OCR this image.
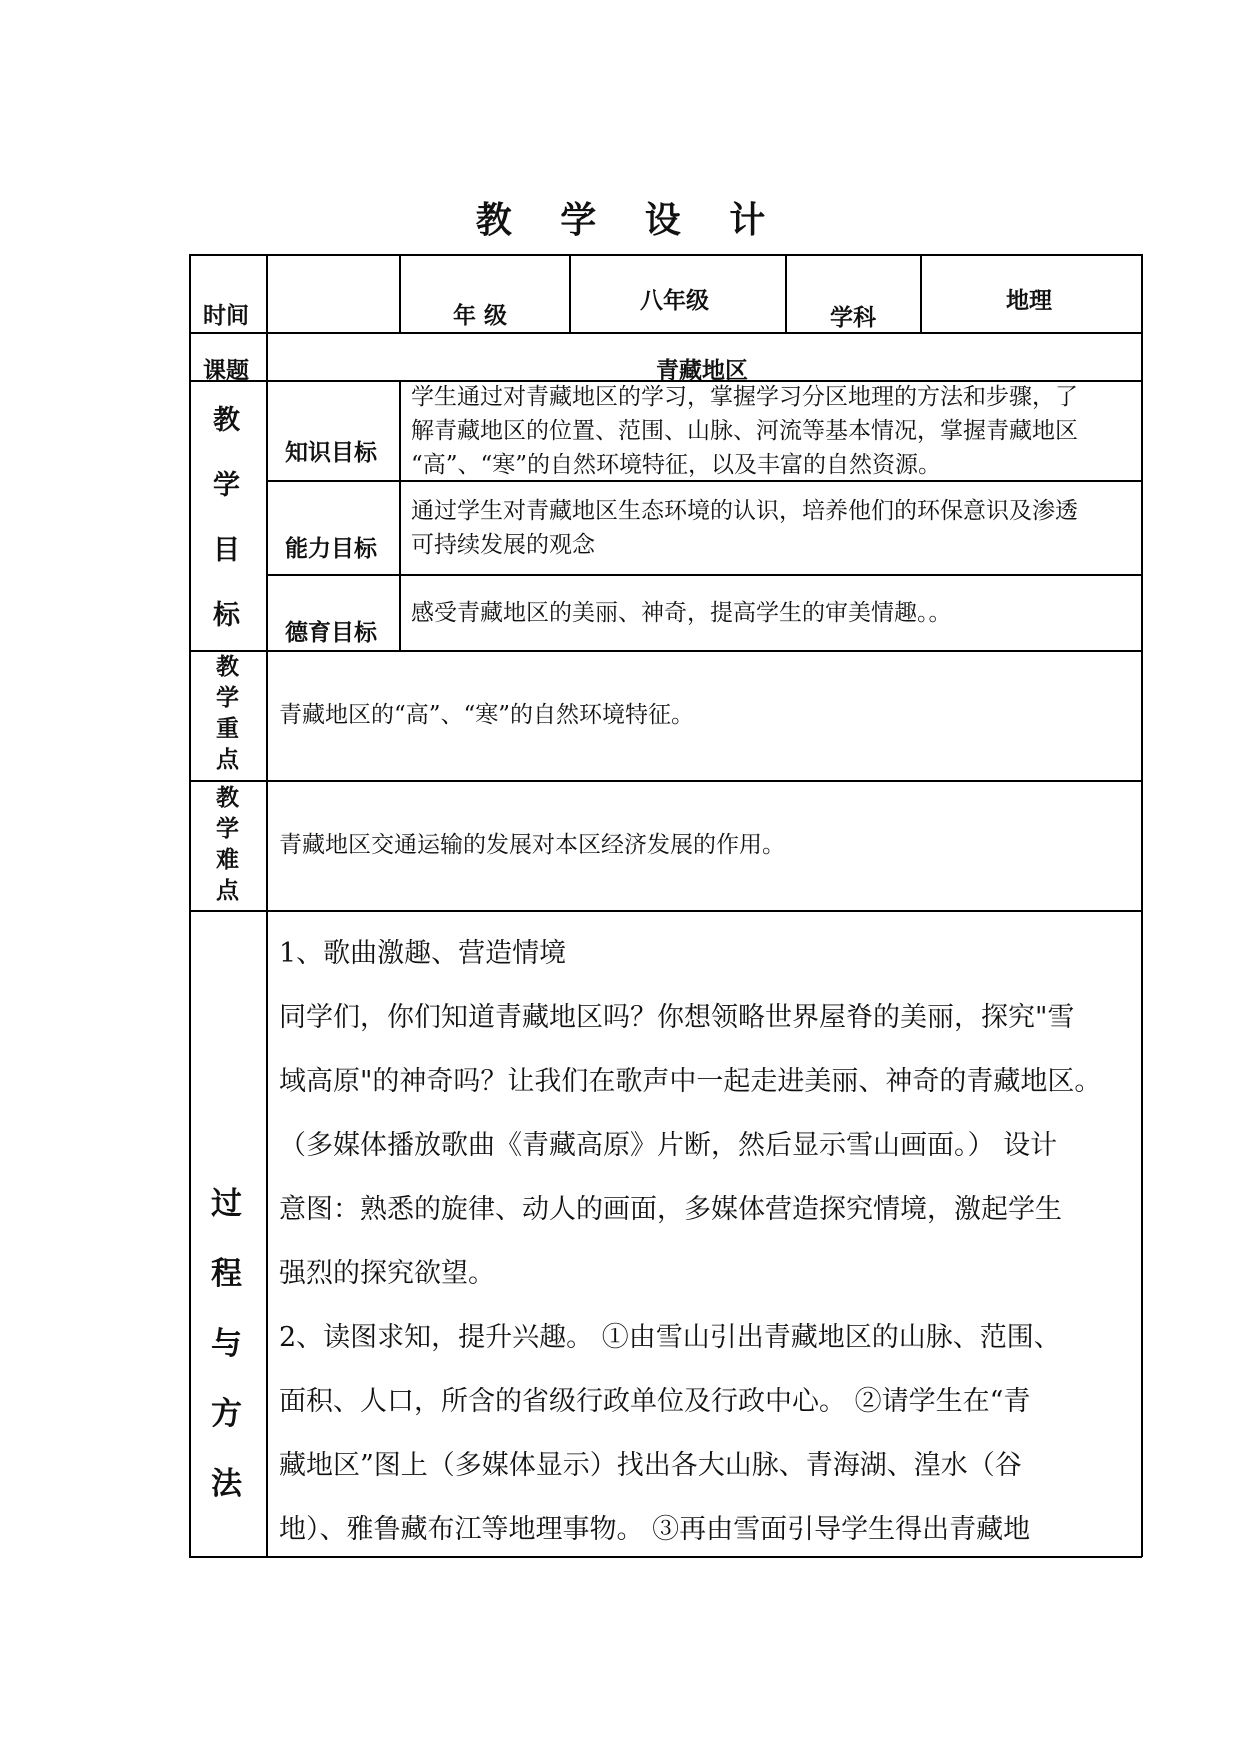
教 学 设 计
时间	年 级
八年级
学科
地理
课题	青藏地区
教
学
目
标
知识目标
学生通过对青藏地区的学习，掌握学习分区地理的方法和步骤，了
解青藏地区的位置、范围、山脉、河流等基本情况，掌握青藏地区
“高”、“寒”的自然环境特征，以及丰富的自然资源。
能力目标
通过学生对青藏地区生态环境的认识，培养他们的环保意识及渗透
可持续发展的观念
德育目标
感受青藏地区的美丽、神奇，提高学生的审美情趣。。
教
学
重
点
青藏地区的“高”、“寒”的自然环境特征。
教
学
难
点
青藏地区交通运输的发展对本区经济发展的作用。
过
程
与
方
法

1、歌曲激趣、营造情境

同学们，你们知道青藏地区吗？你想领略世界屋脊的美丽，探究"雪

域高原"的神奇吗？让我们在歌声中一起走进美丽、神奇的青藏地区。

（多媒体播放歌曲《青藏高原》片断，然后显示雪山画面。） 设计

意图：熟悉的旋律、动人的画面，多媒体营造探究情境，激起学生

强烈的探究欲望。

2、读图求知，提升兴趣。 ①由雪山引出青藏地区的山脉、范围、

面积、人口，所含的省级行政单位及行政中心。 ②请学生在“青

藏地区”图上（多媒体显示）找出各大山脉、青海湖、湟水（谷

地）、雅鲁藏布江等地理事物。 ③再由雪面引导学生得出青藏地
